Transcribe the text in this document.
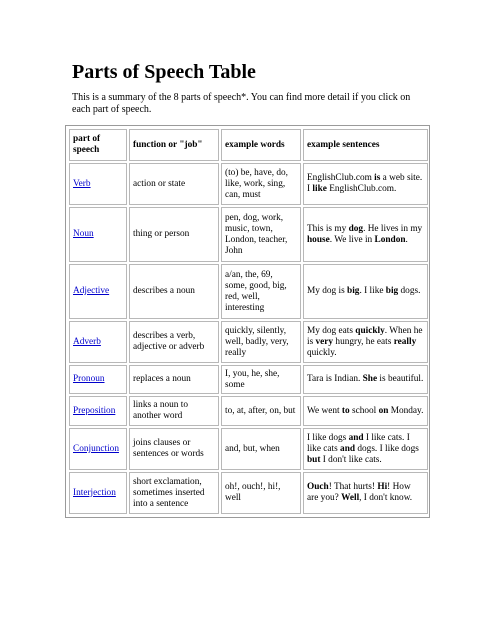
Parts of Speech Table

This is a summary of the 8 parts of speech*. You can find more detail if you click on each part of speech.

part of speech	function or "job"	example words	example sentences
Verb	action or state	(to) be, have, do, like, work, sing, can, must	EnglishClub.com is a web site. I like EnglishClub.com.
Noun	thing or person	pen, dog, work, music, town, London, teacher, John	This is my dog. He lives in my house. We live in London.
Adjective	describes a noun	a/an, the, 69, some, good, big, red, well, interesting	My dog is big. I like big dogs.
Adverb	describes a verb, adjective or adverb	quickly, silently, well, badly, very, really	My dog eats quickly. When he is very hungry, he eats really quickly.
Pronoun	replaces a noun	I, you, he, she, some	Tara is Indian. She is beautiful.
Preposition	links a noun to another word	to, at, after, on, but	We went to school on Monday.
Conjunction	joins clauses or sentences or words	and, but, when	I like dogs and I like cats. I like cats and dogs. I like dogs but I don't like cats.
Interjection	short exclamation, sometimes inserted into a sentence	oh!, ouch!, hi!, well	Ouch! That hurts! Hi! How are you? Well, I don't know.
